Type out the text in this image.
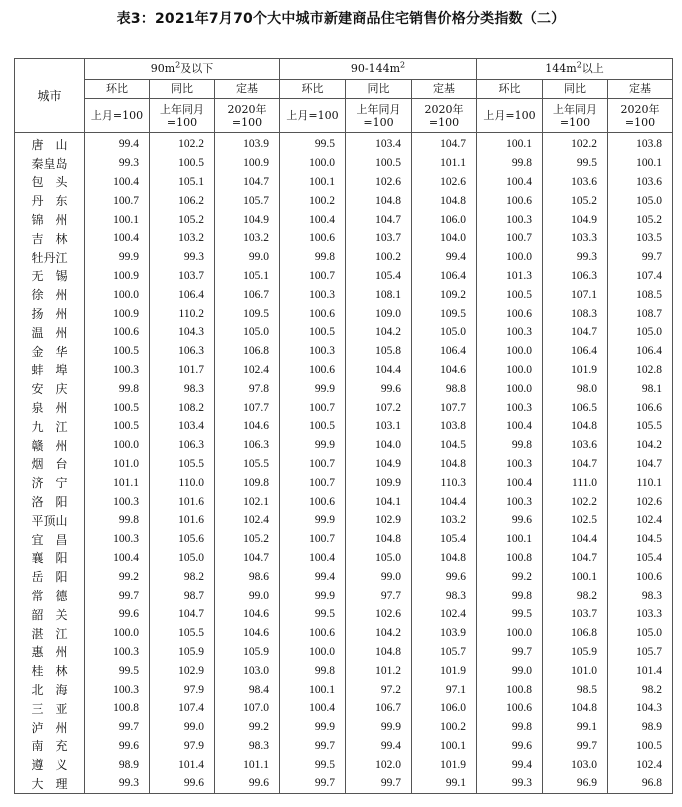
表3：2021年7月70个大中城市新建商品住宅销售价格分类指数（二）
城市	$90m^2$及以下			$90-144m^2$			$144m^2$以上		
	环比	同比	定基	环比	同比	定基	环比	同比	定基
	上月=100	上年同月=100	2020年=100	上月=100	上年同月=100	2020年=100	上月=100	上年同月=100	2020年=100
唐　山	99.4	102.2	103.9	99.5	103.4	104.7	100.1	102.2	103.8
秦皇岛	99.3	100.5	100.9	100.0	100.5	101.1	99.8	99.5	100.1
包　头	100.4	105.1	104.7	100.1	102.6	102.6	100.4	103.6	103.6
丹　东	100.7	106.2	105.7	100.2	104.8	104.8	100.6	105.2	105.0
锦　州	100.1	105.2	104.9	100.4	104.7	106.0	100.3	104.9	105.2
吉　林	100.4	103.2	103.2	100.6	103.7	104.0	100.7	103.3	103.5
牡丹江	99.9	99.3	99.0	99.8	100.2	99.4	100.0	99.3	99.7
无　锡	100.9	103.7	105.1	100.7	105.4	106.4	101.3	106.3	107.4
徐　州	100.0	106.4	106.7	100.3	108.1	109.2	100.5	107.1	108.5
扬　州	100.9	110.2	109.5	100.6	109.0	109.5	100.6	108.3	108.7
温　州	100.6	104.3	105.0	100.5	104.2	105.0	100.3	104.7	105.0
金　华	100.5	106.3	106.8	100.3	105.8	106.4	100.0	106.4	106.4
蚌　埠	100.3	101.7	102.4	100.6	104.4	104.6	100.0	101.9	102.8
安　庆	99.8	98.3	97.8	99.9	99.6	98.8	100.0	98.0	98.1
泉　州	100.5	108.2	107.7	100.7	107.2	107.7	100.3	106.5	106.6
九　江	100.5	103.4	104.6	100.5	103.1	103.8	100.4	104.8	105.5
赣　州	100.0	106.3	106.3	99.9	104.0	104.5	99.8	103.6	104.2
烟　台	101.0	105.5	105.5	100.7	104.9	104.8	100.3	104.7	104.7
济　宁	101.1	110.0	109.8	100.7	109.9	110.3	100.4	111.0	110.1
洛　阳	100.3	101.6	102.1	100.6	104.1	104.4	100.3	102.2	102.6
平顶山	99.8	101.6	102.4	99.9	102.9	103.2	99.6	102.5	102.4
宜　昌	100.3	105.6	105.2	100.7	104.8	105.4	100.1	104.4	104.5
襄　阳	100.4	105.0	104.7	100.4	105.0	104.8	100.8	104.7	105.4
岳　阳	99.2	98.2	98.6	99.4	99.0	99.6	99.2	100.1	100.6
常　德	99.7	98.7	99.0	99.9	97.7	98.3	99.8	98.2	98.3
韶　关	99.6	104.7	104.6	99.5	102.6	102.4	99.5	103.7	103.3
湛　江	100.0	105.5	104.6	100.6	104.2	103.9	100.0	106.8	105.0
惠　州	100.3	105.9	105.9	100.0	104.8	105.7	99.7	105.9	105.7
桂　林	99.5	102.9	103.0	99.8	101.2	101.9	99.0	101.0	101.4
北　海	100.3	97.9	98.4	100.1	97.2	97.1	100.8	98.5	98.2
三　亚	100.8	107.4	107.0	100.4	106.7	106.0	100.6	104.8	104.3
泸　州	99.7	99.0	99.2	99.9	99.9	100.2	99.8	99.1	98.9
南　充	99.6	97.9	98.3	99.7	99.4	100.1	99.6	99.7	100.5
遵　义	98.9	101.4	101.1	99.5	102.0	101.9	99.4	103.0	102.4
大　理	99.3	99.6	99.6	99.7	99.7	99.1	99.3	96.9	96.8
